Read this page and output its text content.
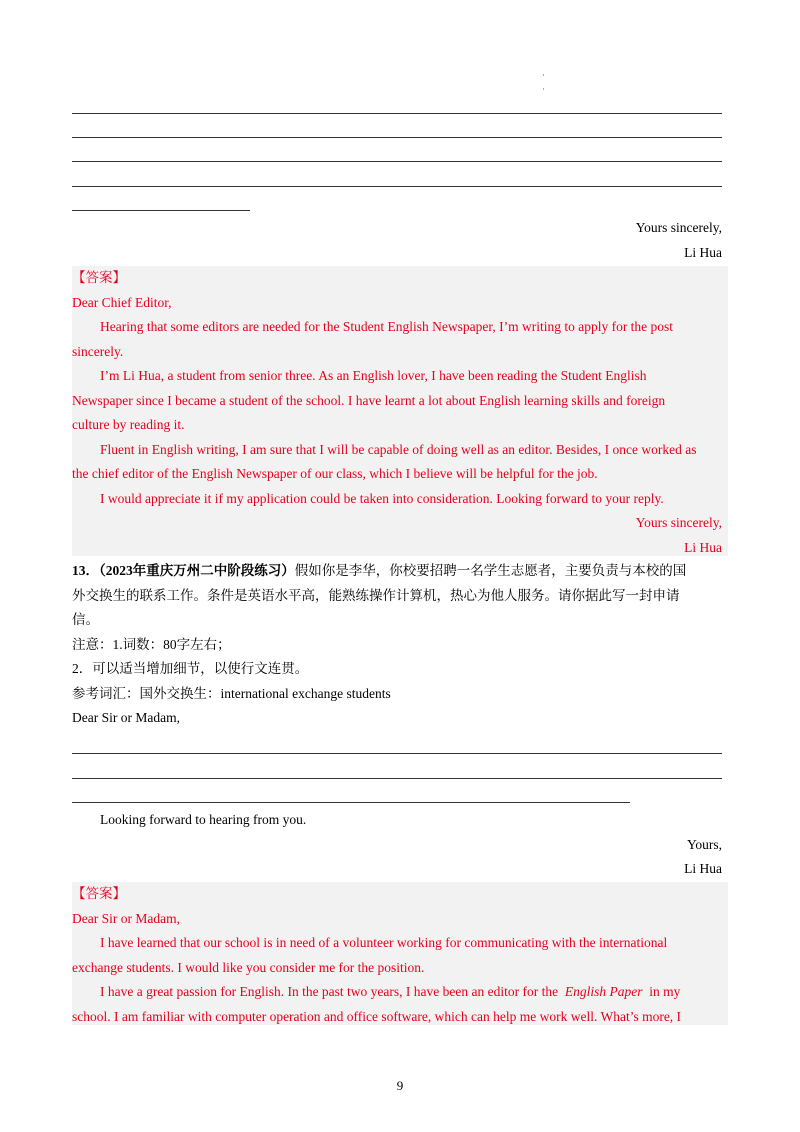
·
·
Yours sincerely,
Li Hua
【答案】
Dear Chief Editor,
Hearing that some editors are needed for the Student English Newspaper, I’m writing to apply for the post
sincerely.
I’m Li Hua, a student from senior three. As an English lover, I have been reading the Student English
Newspaper since I became a student of the school. I have learnt a lot about English learning skills and foreign
culture by reading it.
Fluent in English writing, I am sure that I will be capable of doing well as an editor. Besides, I once worked as
the chief editor of the English Newspaper of our class, which I believe will be helpful for the job.
I would appreciate it if my application could be taken into consideration. Looking forward to your reply.
Yours sincerely,
Li Hua
13．（2023年重庆万州二中阶段练习）假如你是李华，你校要招聘一名学生志愿者，主要负责与本校的国
外交换生的联系工作。条件是英语水平高，能熟练操作计算机，热心为他人服务。请你据此写一封申请
信。
注意：1.词数：80字左右；
2．可以适当增加细节，以使行文连贯。
参考词汇：国外交换生：international exchange students
Dear Sir or Madam,
Looking forward to hearing from you.
Yours,
Li Hua
【答案】
Dear Sir or Madam,
I have learned that our school is in need of a volunteer working for communicating with the international
exchange students. I would like you consider me for the position.
I have a great passion for English. In the past two years, I have been an editor for the English Paper in my
school. I am familiar with computer operation and office software, which can help me work well. What’s more, I
9
